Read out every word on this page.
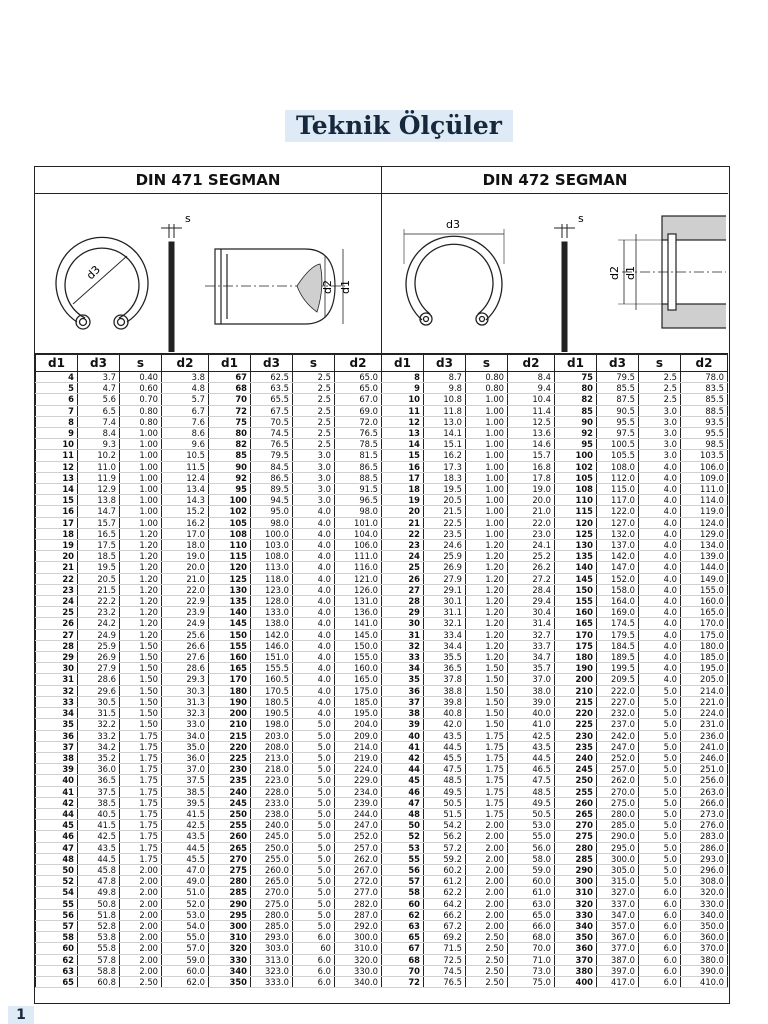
Teknik Ölçüler
DIN 471 SEGMAN	DIN 472 SEGMAN
d3
s
d2 d1
d3	s
d2 d1
d1	d3	s	d2	d1	d3	s	d2	d1	d3	s	d2	d1	d3	s	d2
4	3.7	0.40	3.8	67	62.5	2.5	65.0	8	8.7	0.80	8.4	75	79.5	2.5	78.0
5	4.7	0.60	4.8	68	63.5	2.5	65.0	9	9.8	0.80	9.4	80	85.5	2.5	83.5
6	5.6	0.70	5.7	70	65.5	2.5	67.0	10	10.8	1.00	10.4	82	87.5	2.5	85.5
7	6.5	0.80	6.7	72	67.5	2.5	69.0	11	11.8	1.00	11.4	85	90.5	3.0	88.5
8	7.4	0.80	7.6	75	70.5	2.5	72.0	12	13.0	1.00	12.5	90	95.5	3.0	93.5
9	8.4	1.00	8.6	80	74.5	2.5	76.5	13	14.1	1.00	13.6	92	97.5	3.0	95.5
10	9.3	1.00	9.6	82	76.5	2.5	78.5	14	15.1	1.00	14.6	95	100.5	3.0	98.5
11	10.2	1.00	10.5	85	79.5	3.0	81.5	15	16.2	1.00	15.7	100	105.5	3.0	103.5
12	11.0	1.00	11.5	90	84.5	3.0	86.5	16	17.3	1.00	16.8	102	108.0	4.0	106.0
13	11.9	1.00	12.4	92	86.5	3.0	88.5	17	18.3	1.00	17.8	105	112.0	4.0	109.0
14	12.9	1.00	13.4	95	89.5	3.0	91.5	18	19.5	1.00	19.0	108	115.0	4.0	111.0
15	13.8	1.00	14.3	100	94.5	3.0	96.5	19	20.5	1.00	20.0	110	117.0	4.0	114.0
16	14.7	1.00	15.2	102	95.0	4.0	98.0	20	21.5	1.00	21.0	115	122.0	4.0	119.0
17	15.7	1.00	16.2	105	98.0	4.0	101.0	21	22.5	1.00	22.0	120	127.0	4.0	124.0
18	16.5	1.20	17.0	108	100.0	4.0	104.0	22	23.5	1.00	23.0	125	132.0	4.0	129.0
19	17.5	1.20	18.0	110	103.0	4.0	106.0	23	24.6	1.20	24.1	130	137.0	4.0	134.0
20	18.5	1.20	19.0	115	108.0	4.0	111.0	24	25.9	1.20	25.2	135	142.0	4.0	139.0
21	19.5	1.20	20.0	120	113.0	4.0	116.0	25	26.9	1.20	26.2	140	147.0	4.0	144.0
22	20.5	1.20	21.0	125	118.0	4.0	121.0	26	27.9	1.20	27.2	145	152.0	4.0	149.0
23	21.5	1.20	22.0	130	123.0	4.0	126.0	27	29.1	1.20	28.4	150	158.0	4.0	155.0
24	22.2	1.20	22.9	135	128.0	4.0	131.0	28	30.1	1.20	29.4	155	164.0	4.0	160.0
25	23.2	1.20	23.9	140	133.0	4.0	136.0	29	31.1	1.20	30.4	160	169.0	4.0	165.0
26	24.2	1.20	24.9	145	138.0	4.0	141.0	30	32.1	1.20	31.4	165	174.5	4.0	170.0
27	24.9	1.20	25.6	150	142.0	4.0	145.0	31	33.4	1.20	32.7	170	179.5	4.0	175.0
28	25.9	1.50	26.6	155	146.0	4.0	150.0	32	34.4	1.20	33.7	175	184.5	4.0	180.0
29	26.9	1.50	27.6	160	151.0	4.0	155.0	33	35.5	1.20	34.7	180	189.5	4.0	185.0
30	27.9	1.50	28.6	165	155.5	4.0	160.0	34	36.5	1.50	35.7	190	199.5	4.0	195.0
31	28.6	1.50	29.3	170	160.5	4.0	165.0	35	37.8	1.50	37.0	200	209.5	4.0	205.0
32	29.6	1.50	30.3	180	170.5	4.0	175.0	36	38.8	1.50	38.0	210	222.0	5.0	214.0
33	30.5	1.50	31.3	190	180.5	4.0	185.0	37	39.8	1.50	39.0	215	227.0	5.0	221.0
34	31.5	1.50	32.3	200	190.5	4.0	195.0	38	40.8	1.50	40.0	220	232.0	5.0	224.0
35	32.2	1.50	33.0	210	198.0	5.0	204.0	39	42.0	1.50	41.0	225	237.0	5.0	231.0
36	33.2	1.75	34.0	215	203.0	5.0	209.0	40	43.5	1.75	42.5	230	242.0	5.0	236.0
37	34.2	1.75	35.0	220	208.0	5.0	214.0	41	44.5	1.75	43.5	235	247.0	5.0	241.0
38	35.2	1.75	36.0	225	213.0	5.0	219.0	42	45.5	1.75	44.5	240	252.0	5.0	246.0
39	36.0	1.75	37.0	230	218.0	5.0	224.0	44	47.5	1.75	46.5	245	257.0	5.0	251.0
40	36.5	1.75	37.5	235	223.0	5.0	229.0	45	48.5	1.75	47.5	250	262.0	5.0	256.0
41	37.5	1.75	38.5	240	228.0	5.0	234.0	46	49.5	1.75	48.5	255	270.0	5.0	263.0
42	38.5	1.75	39.5	245	233.0	5.0	239.0	47	50.5	1.75	49.5	260	275.0	5.0	266.0
44	40.5	1.75	41.5	250	238.0	5.0	244.0	48	51.5	1.75	50.5	265	280.0	5.0	273.0
45	41.5	1.75	42.5	255	240.0	5.0	247.0	50	54.2	2.00	53.0	270	285.0	5.0	276.0
46	42.5	1.75	43.5	260	245.0	5.0	252.0	52	56.2	2.00	55.0	275	290.0	5.0	283.0
47	43.5	1.75	44.5	265	250.0	5.0	257.0	53	57.2	2.00	56.0	280	295.0	5.0	286.0
48	44.5	1.75	45.5	270	255.0	5.0	262.0	55	59.2	2.00	58.0	285	300.0	5.0	293.0
50	45.8	2.00	47.0	275	260.0	5.0	267.0	56	60.2	2.00	59.0	290	305.0	5.0	296.0
52	47.8	2.00	49.0	280	265.0	5.0	272.0	57	61.2	2.00	60.0	300	315.0	5.0	308.0
54	49.8	2.00	51.0	285	270.0	5.0	277.0	58	62.2	2.00	61.0	310	327.0	6.0	320.0
55	50.8	2.00	52.0	290	275.0	5.0	282.0	60	64.2	2.00	63.0	320	337.0	6.0	330.0
56	51.8	2.00	53.0	295	280.0	5.0	287.0	62	66.2	2.00	65.0	330	347.0	6.0	340.0
57	52.8	2.00	54.0	300	285.0	5.0	292.0	63	67.2	2.00	66.0	340	357.0	6.0	350.0
58	53.8	2.00	55.0	310	293.0	6.0	300.0	65	69.2	2.50	68.0	350	367.0	6.0	360.0
60	55.8	2.00	57.0	320	303.0	60	310.0	67	71.5	2.50	70.0	360	377.0	6.0	370.0
62	57.8	2.00	59.0	330	313.0	6.0	320.0	68	72.5	2.50	71.0	370	387.0	6.0	380.0
63	58.8	2.00	60.0	340	323.0	6.0	330.0	70	74.5	2.50	73.0	380	397.0	6.0	390.0
65	60.8	2.50	62.0	350	333.0	6.0	340.0	72	76.5	2.50	75.0	400	417.0	6.0	410.0
1
